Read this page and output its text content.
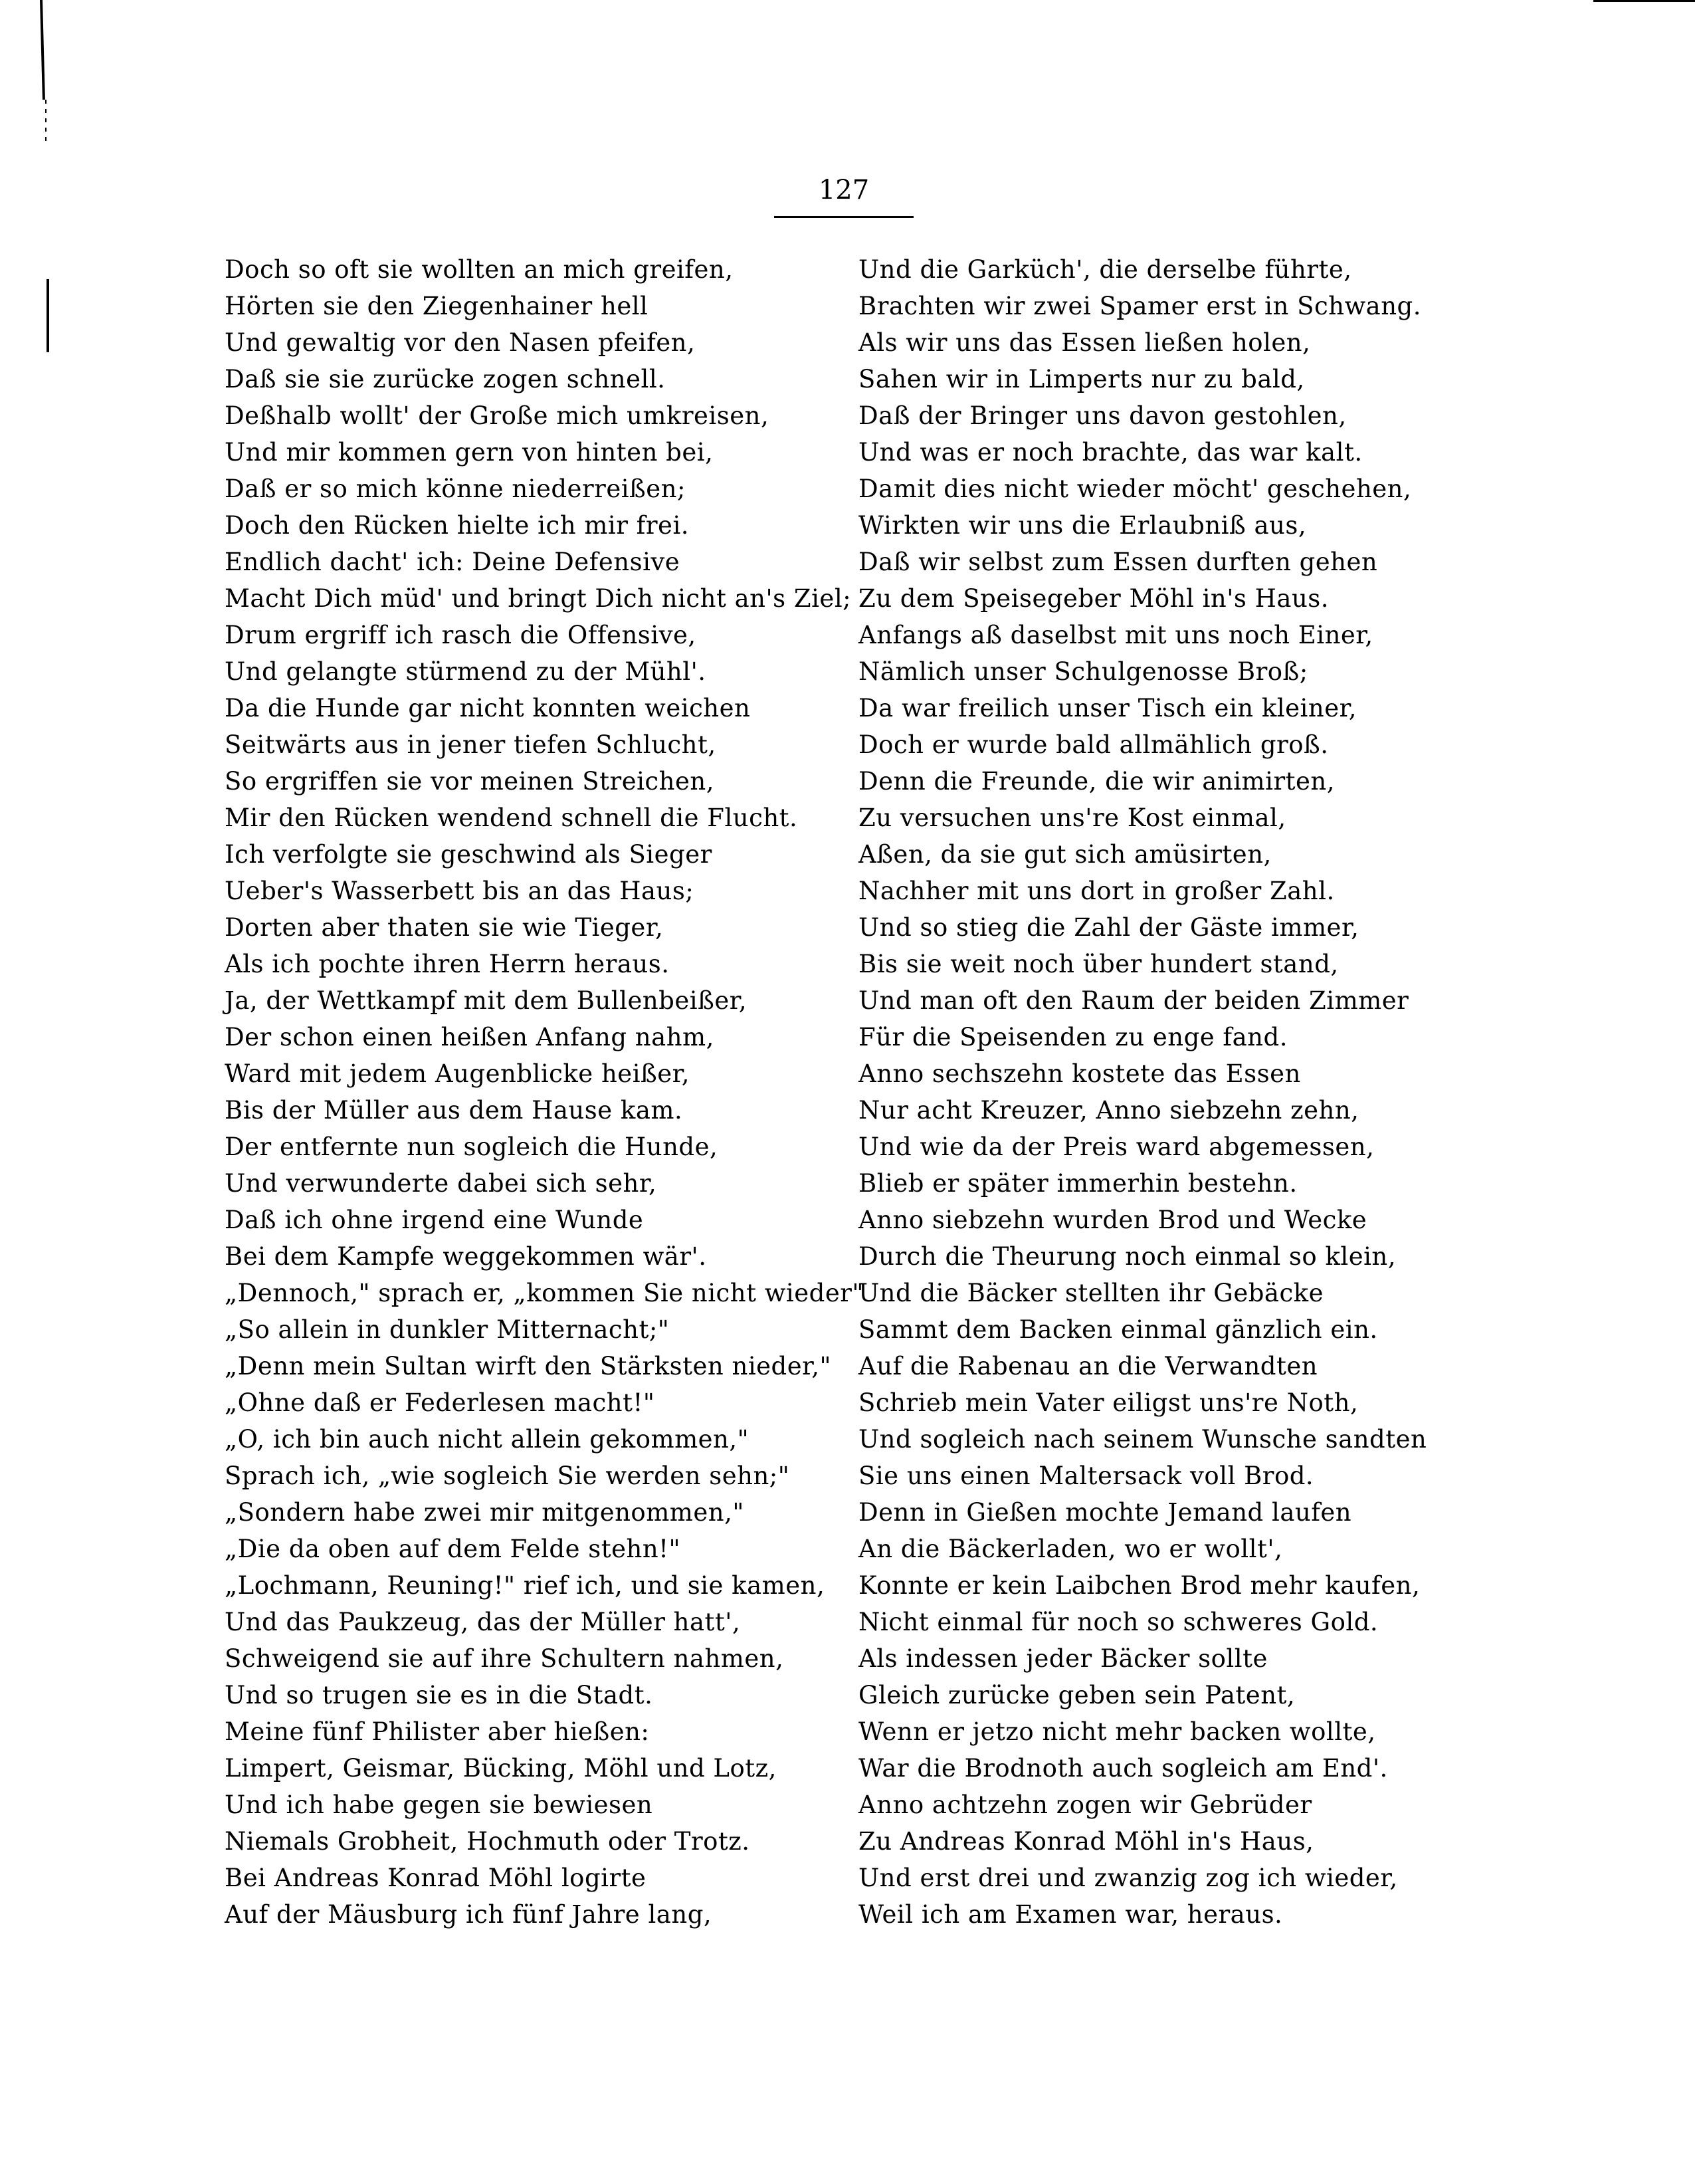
127
Doch so oft sie wollten an mich greifen,
Hörten sie den Ziegenhainer hell
Und gewaltig vor den Nasen pfeifen,
Daß sie sie zurücke zogen schnell.
Deßhalb wollt' der Große mich umkreisen,
Und mir kommen gern von hinten bei,
Daß er so mich könne niederreißen;
Doch den Rücken hielte ich mir frei.
Endlich dacht' ich: Deine Defensive
Macht Dich müd' und bringt Dich nicht an's Ziel;
Drum ergriff ich rasch die Offensive,
Und gelangte stürmend zu der Mühl'.
Da die Hunde gar nicht konnten weichen
Seitwärts aus in jener tiefen Schlucht,
So ergriffen sie vor meinen Streichen,
Mir den Rücken wendend schnell die Flucht.
Ich verfolgte sie geschwind als Sieger
Ueber's Wasserbett bis an das Haus;
Dorten aber thaten sie wie Tieger,
Als ich pochte ihren Herrn heraus.
Ja, der Wettkampf mit dem Bullenbeißer,
Der schon einen heißen Anfang nahm,
Ward mit jedem Augenblicke heißer,
Bis der Müller aus dem Hause kam.
Der entfernte nun sogleich die Hunde,
Und verwunderte dabei sich sehr,
Daß ich ohne irgend eine Wunde
Bei dem Kampfe weggekommen wär'.
„Dennoch," sprach er, „kommen Sie nicht wieder"
„So allein in dunkler Mitternacht;"
„Denn mein Sultan wirft den Stärksten nieder,"
„Ohne daß er Federlesen macht!"
„O, ich bin auch nicht allein gekommen,"
Sprach ich, „wie sogleich Sie werden sehn;"
„Sondern habe zwei mir mitgenommen,"
„Die da oben auf dem Felde stehn!"
„Lochmann, Reuning!" rief ich, und sie kamen,
Und das Paukzeug, das der Müller hatt',
Schweigend sie auf ihre Schultern nahmen,
Und so trugen sie es in die Stadt.
Meine fünf Philister aber hießen:
Limpert, Geismar, Bücking, Möhl und Lotz,
Und ich habe gegen sie bewiesen
Niemals Grobheit, Hochmuth oder Trotz.
Bei Andreas Konrad Möhl logirte
Auf der Mäusburg ich fünf Jahre lang,
Und die Garküch', die derselbe führte,
Brachten wir zwei Spamer erst in Schwang.
Als wir uns das Essen ließen holen,
Sahen wir in Limperts nur zu bald,
Daß der Bringer uns davon gestohlen,
Und was er noch brachte, das war kalt.
Damit dies nicht wieder möcht' geschehen,
Wirkten wir uns die Erlaubniß aus,
Daß wir selbst zum Essen durften gehen
Zu dem Speisegeber Möhl in's Haus.
Anfangs aß daselbst mit uns noch Einer,
Nämlich unser Schulgenosse Broß;
Da war freilich unser Tisch ein kleiner,
Doch er wurde bald allmählich groß.
Denn die Freunde, die wir animirten,
Zu versuchen uns're Kost einmal,
Aßen, da sie gut sich amüsirten,
Nachher mit uns dort in großer Zahl.
Und so stieg die Zahl der Gäste immer,
Bis sie weit noch über hundert stand,
Und man oft den Raum der beiden Zimmer
Für die Speisenden zu enge fand.
Anno sechszehn kostete das Essen
Nur acht Kreuzer, Anno siebzehn zehn,
Und wie da der Preis ward abgemessen,
Blieb er später immerhin bestehn.
Anno siebzehn wurden Brod und Wecke
Durch die Theurung noch einmal so klein,
Und die Bäcker stellten ihr Gebäcke
Sammt dem Backen einmal gänzlich ein.
Auf die Rabenau an die Verwandten
Schrieb mein Vater eiligst uns're Noth,
Und sogleich nach seinem Wunsche sandten
Sie uns einen Maltersack voll Brod.
Denn in Gießen mochte Jemand laufen
An die Bäckerladen, wo er wollt',
Konnte er kein Laibchen Brod mehr kaufen,
Nicht einmal für noch so schweres Gold.
Als indessen jeder Bäcker sollte
Gleich zurücke geben sein Patent,
Wenn er jetzo nicht mehr backen wollte,
War die Brodnoth auch sogleich am End'.
Anno achtzehn zogen wir Gebrüder
Zu Andreas Konrad Möhl in's Haus,
Und erst drei und zwanzig zog ich wieder,
Weil ich am Examen war, heraus.
